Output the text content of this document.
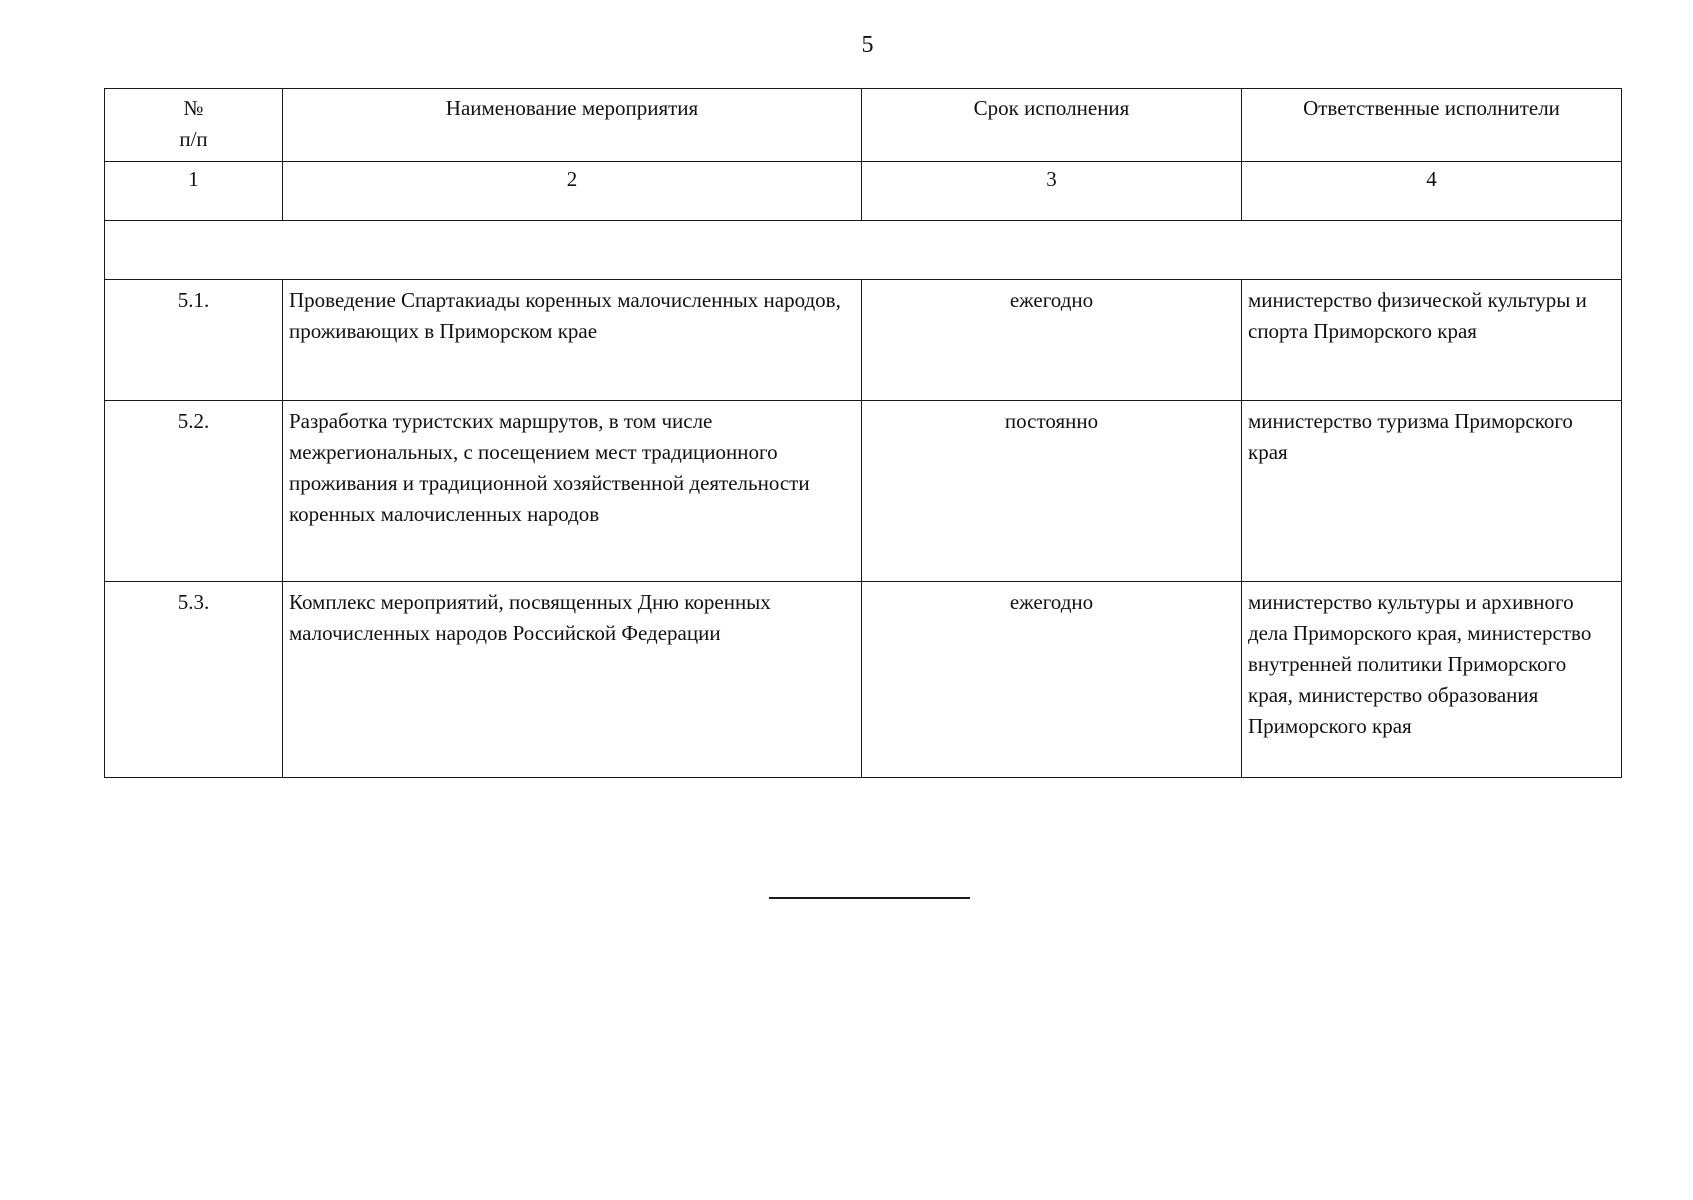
5
№
п/п	Наименование мероприятия	Срок исполнения	Ответственные исполнители
1	2	3	4

5.1.	Проведение Спартакиады коренных малочисленных народов, проживающих в Приморском крае	ежегодно	министерство физической культуры и спорта Приморского края
5.2.	Разработка туристских маршрутов, в том числе межрегиональных, с посещением мест традиционного проживания и традиционной хозяйственной деятельности коренных малочисленных народов	постоянно	министерство туризма Приморского края
5.3.	Комплекс мероприятий, посвященных Дню коренных малочисленных народов Российской Федерации	ежегодно	министерство культуры и архивного дела Приморского края, министерство внутренней политики Приморского края, министерство образования Приморского края
